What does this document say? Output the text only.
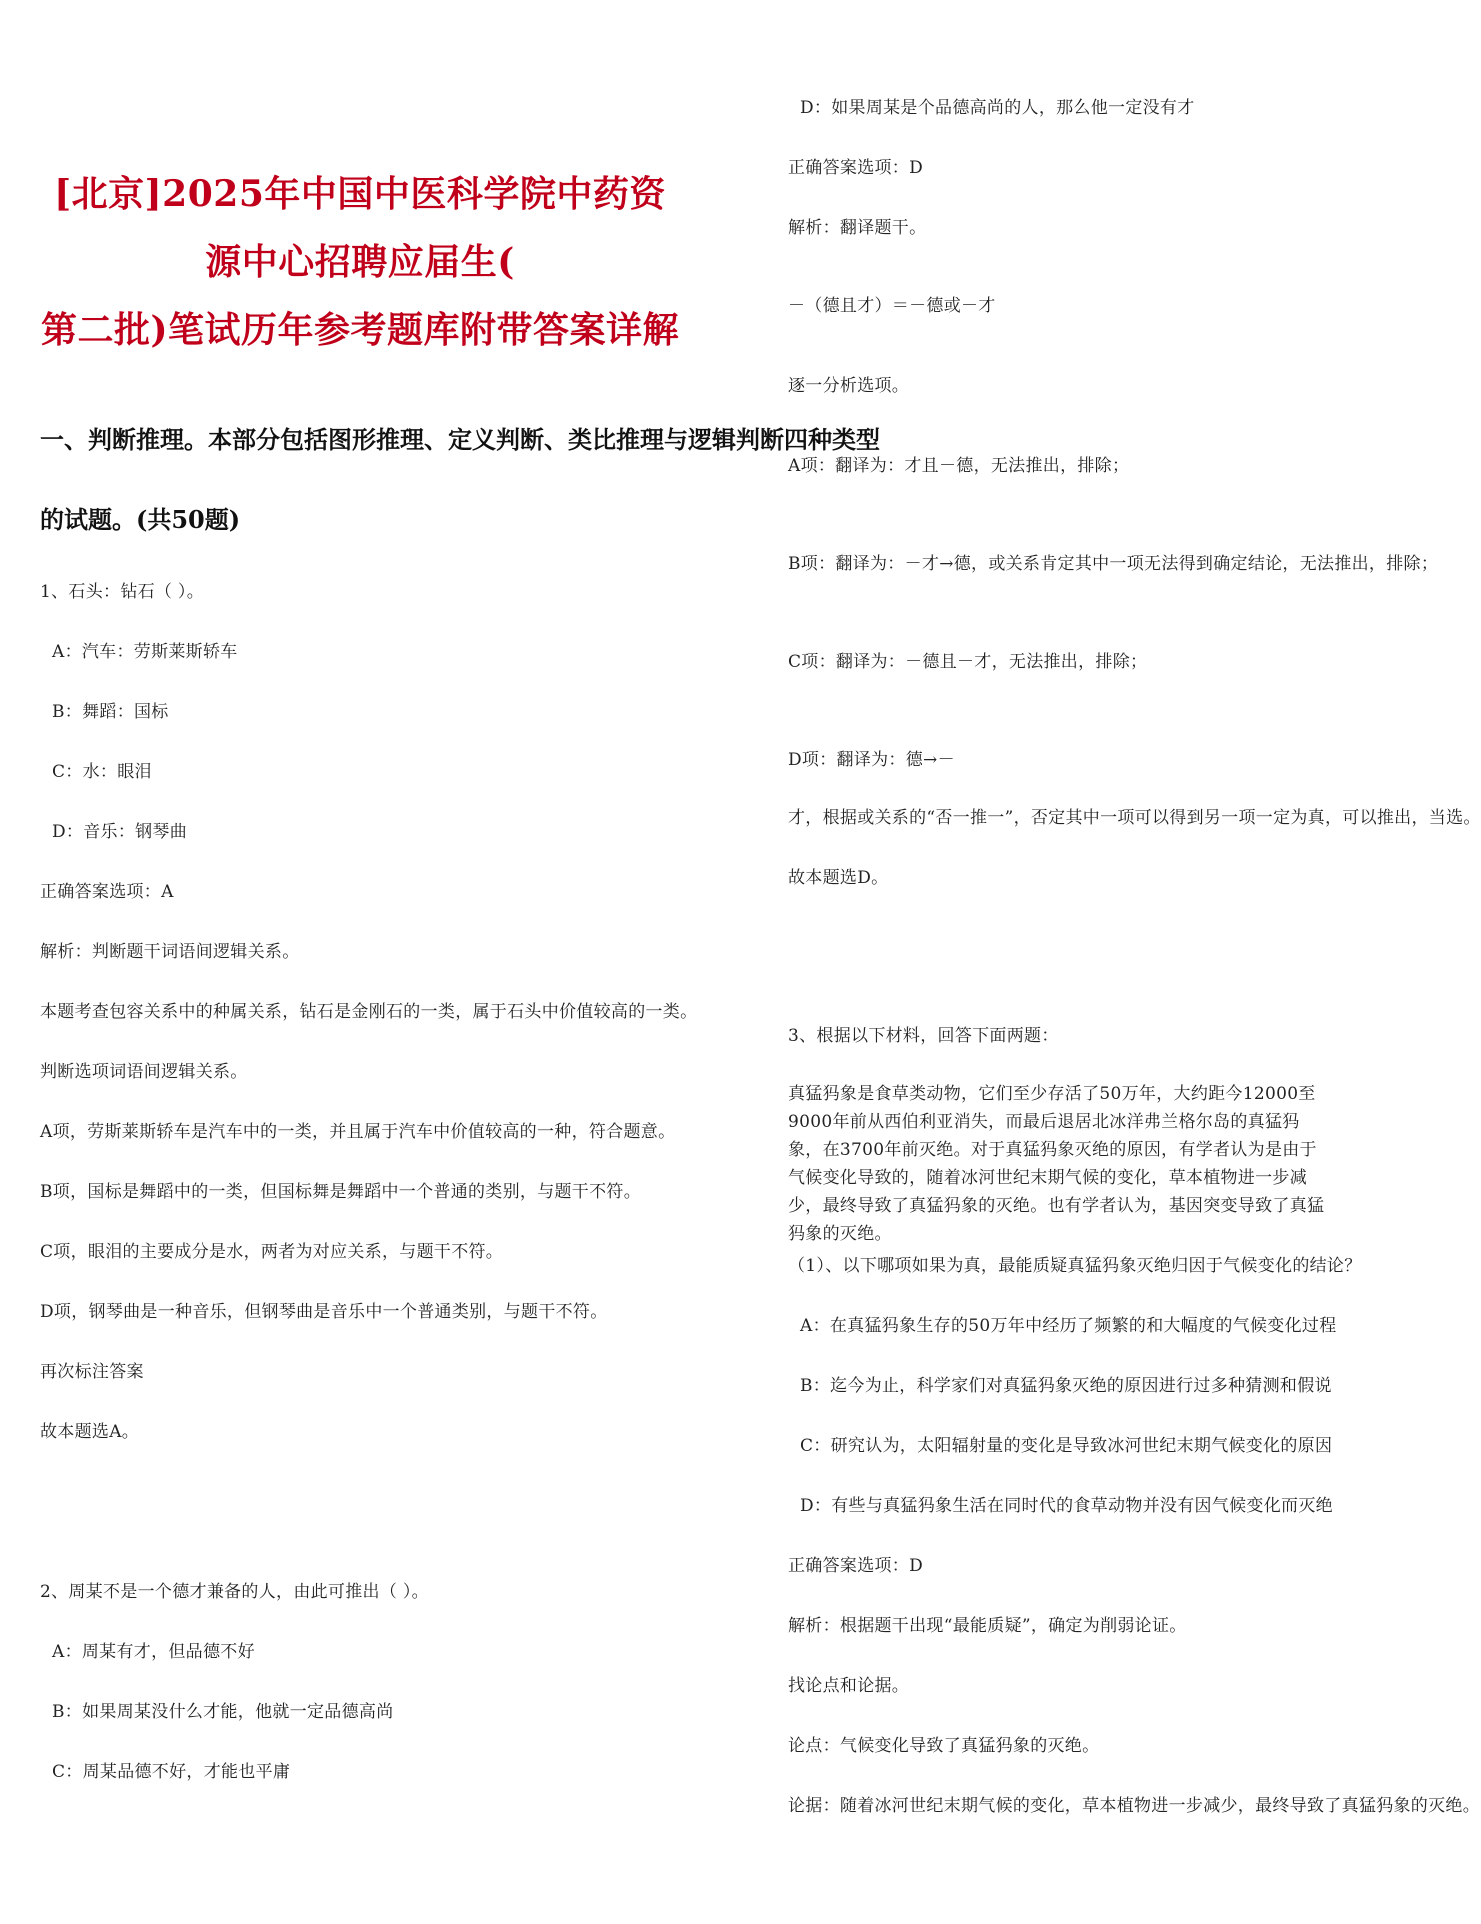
[北京]2025年中国中医科学院中药资源中心招聘应届生(
第二批)笔试历年参考题库附带答案详解
一、判断推理。本部分包括图形推理、定义判断、类比推理与逻辑判断四种类型
的试题。(共50题)
1、石头：钻石（ ）。
A：汽车：劳斯莱斯轿车
B：舞蹈：国标
C：水：眼泪
D：音乐：钢琴曲
正确答案选项：A
解析：判断题干词语间逻辑关系。
本题考查包容关系中的种属关系，钻石是金刚石的一类，属于石头中价值较高的一类。
判断选项词语间逻辑关系。
A项，劳斯莱斯轿车是汽车中的一类，并且属于汽车中价值较高的一种，符合题意。
B项，国标是舞蹈中的一类，但国标舞是舞蹈中一个普通的类别，与题干不符。
C项，眼泪的主要成分是水，两者为对应关系，与题干不符。
D项，钢琴曲是一种音乐，但钢琴曲是音乐中一个普通类别，与题干不符。
再次标注答案
故本题选A。
2、周某不是一个德才兼备的人，由此可推出（ ）。
A：周某有才，但品德不好
B：如果周某没什么才能，他就一定品德高尚
C：周某品德不好，才能也平庸
D：如果周某是个品德高尚的人，那么他一定没有才
正确答案选项：D
解析：翻译题干。
－（德且才）＝－德或－才
逐一分析选项。
A项：翻译为：才且－德，无法推出，排除；
B项：翻译为：－才→德，或关系肯定其中一项无法得到确定结论，无法推出，排除；
C项：翻译为：－德且－才，无法推出，排除；
D项：翻译为：德→－
才，根据或关系的“否一推一”，否定其中一项可以得到另一项一定为真，可以推出，当选。
故本题选D。
3、根据以下材料，回答下面两题：
真猛犸象是食草类动物，它们至少存活了50万年，大约距今12000至9000年前从西伯利亚消失，而最后退居北冰洋弗兰格尔岛的真猛犸象，在3700年前灭绝。对于真猛犸象灭绝的原因，有学者认为是由于气候变化导致的，随着冰河世纪末期气候的变化，草本植物进一步减少，最终导致了真猛犸象的灭绝。也有学者认为，基因突变导致了真猛犸象的灭绝。
（1）、以下哪项如果为真，最能质疑真猛犸象灭绝归因于气候变化的结论？
A：在真猛犸象生存的50万年中经历了频繁的和大幅度的气候变化过程
B：迄今为止，科学家们对真猛犸象灭绝的原因进行过多种猜测和假说
C：研究认为，太阳辐射量的变化是导致冰河世纪末期气候变化的原因
D：有些与真猛犸象生活在同时代的食草动物并没有因气候变化而灭绝
正确答案选项：D
解析：根据题干出现“最能质疑”，确定为削弱论证。
找论点和论据。
论点：气候变化导致了真猛犸象的灭绝。
论据：随着冰河世纪末期气候的变化，草本植物进一步减少，最终导致了真猛犸象的灭绝。
